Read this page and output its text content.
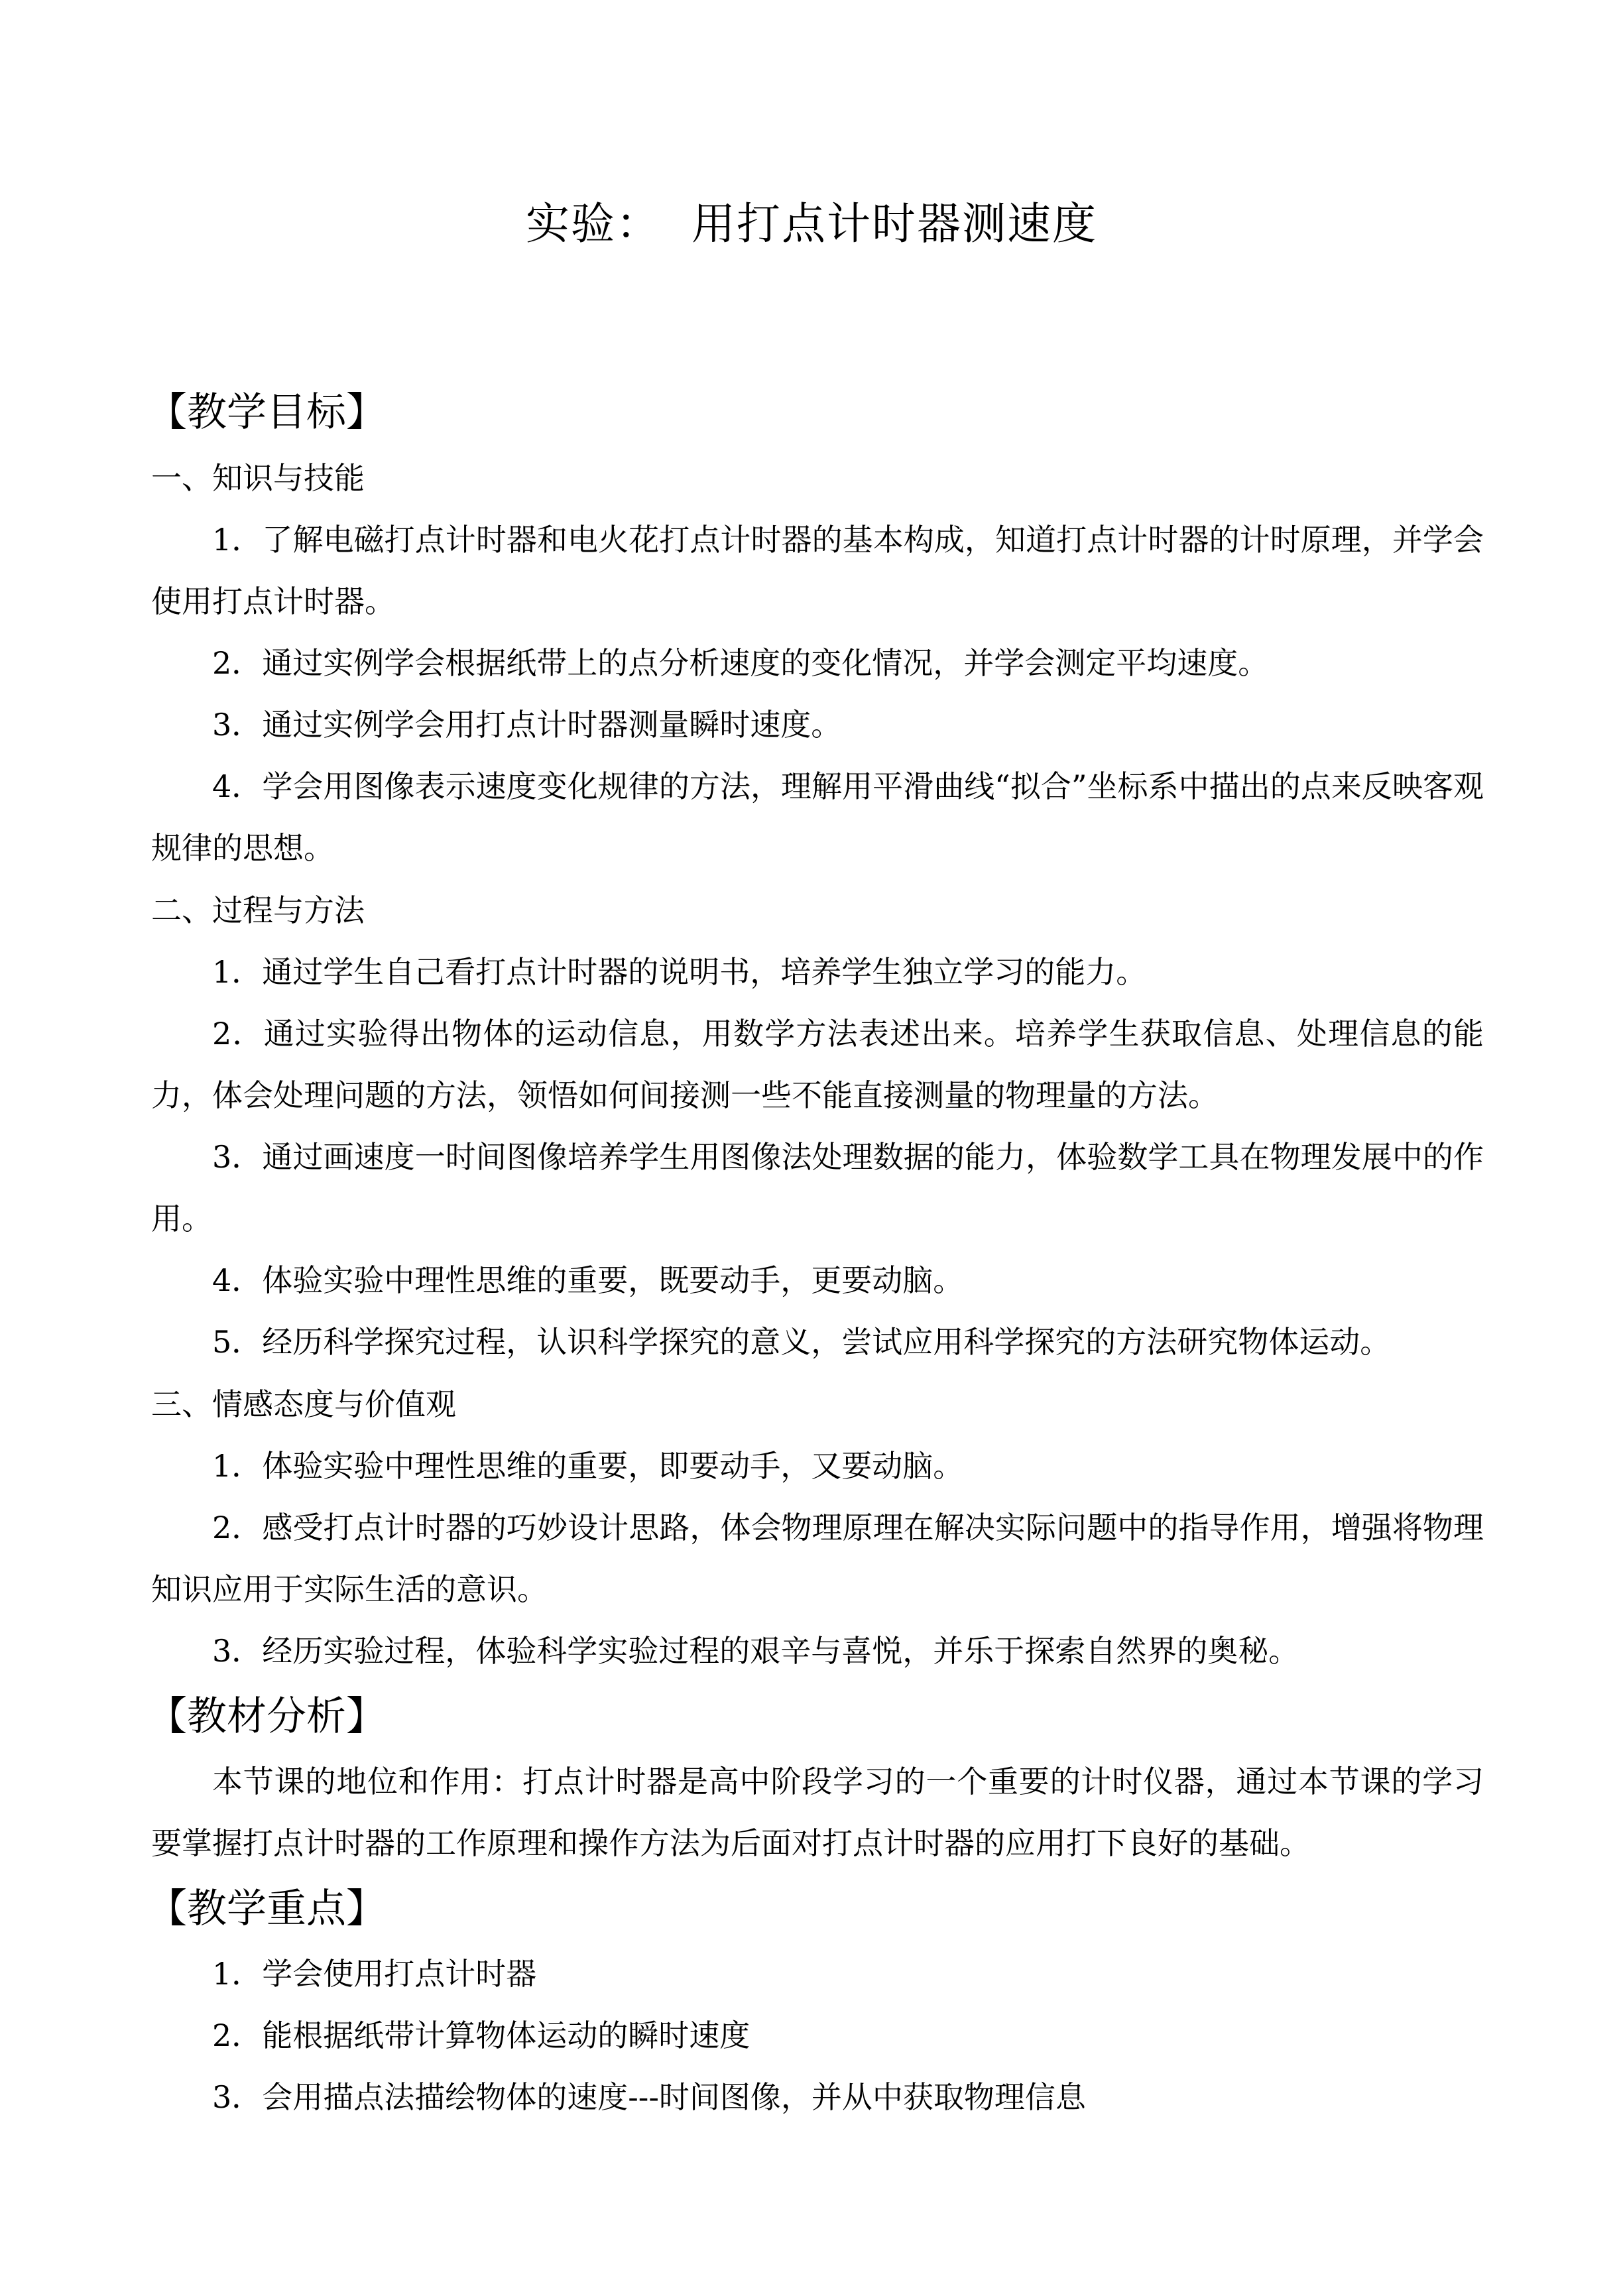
实验：  用打点计时器测速度
【教学目标】
一、知识与技能

1．了解电磁打点计时器和电火花打点计时器的基本构成，知道打点计时器的计时原理，并学会使用打点计时器。

2．通过实例学会根据纸带上的点分析速度的变化情况，并学会测定平均速度。

3．通过实例学会用打点计时器测量瞬时速度。

4．学会用图像表示速度变化规律的方法，理解用平滑曲线“拟合”坐标系中描出的点来反映客观规律的思想。

二、过程与方法

1．通过学生自己看打点计时器的说明书，培养学生独立学习的能力。

2．通过实验得出物体的运动信息，用数学方法表述出来。培养学生获取信息、处理信息的能力，体会处理问题的方法，领悟如何间接测一些不能直接测量的物理量的方法。

3．通过画速度一时间图像培养学生用图像法处理数据的能力，体验数学工具在物理发展中的作用。

4．体验实验中理性思维的重要，既要动手，更要动脑。

5．经历科学探究过程，认识科学探究的意义，尝试应用科学探究的方法研究物体运动。

三、情感态度与价值观

1．体验实验中理性思维的重要，即要动手，又要动脑。

2．感受打点计时器的巧妙设计思路，体会物理原理在解决实际问题中的指导作用，增强将物理知识应用于实际生活的意识。

3．经历实验过程，体验科学实验过程的艰辛与喜悦，并乐于探索自然界的奥秘。

【教材分析】

本节课的地位和作用：打点计时器是高中阶段学习的一个重要的计时仪器，通过本节课的学习要掌握打点计时器的工作原理和操作方法为后面对打点计时器的应用打下良好的基础。

【教学重点】

1．学会使用打点计时器

2．能根据纸带计算物体运动的瞬时速度

3．会用描点法描绘物体的速度---时间图像，并从中获取物理信息
